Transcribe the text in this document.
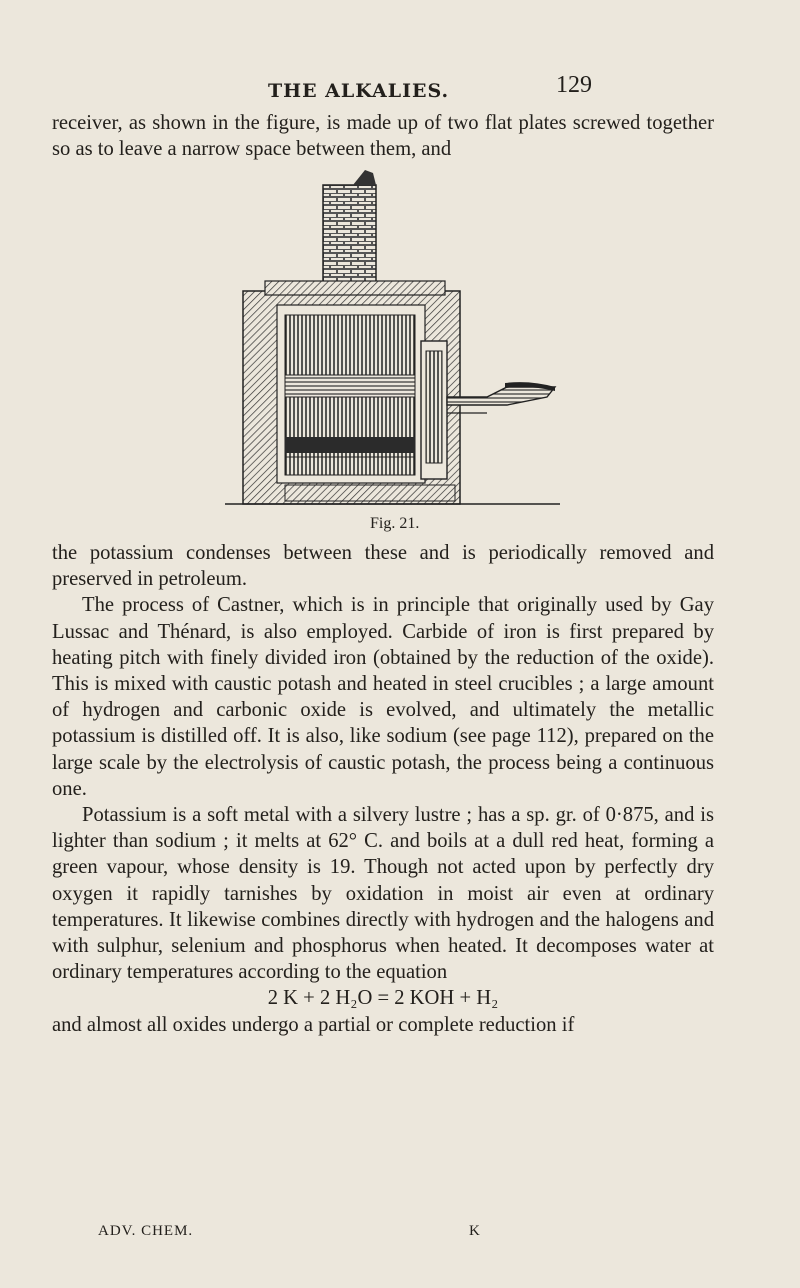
THE ALKALIES.	129

receiver, as shown in the figure, is made up of two flat plates screwed together so as to leave a narrow space between them, and

Fig. 21.

the potassium condenses between these and is periodically removed and preserved in petroleum.

The process of Castner, which is in principle that originally used by Gay Lussac and Thénard, is also employed. Carbide of iron is first prepared by heating pitch with finely divided iron (obtained by the reduction of the oxide). This is mixed with caustic potash and heated in steel crucibles ; a large amount of hydrogen and carbonic oxide is evolved, and ultimately the metallic potassium is distilled off. It is also, like sodium (see page 112), prepared on the large scale by the electrolysis of caustic potash, the process being a continuous one.

Potassium is a soft metal with a silvery lustre ; has a sp. gr. of 0·875, and is lighter than sodium ; it melts at 62° C. and boils at a dull red heat, forming a green vapour, whose density is 19. Though not acted upon by perfectly dry oxygen it rapidly tarnishes by oxidation in moist air even at ordinary temperatures. It likewise combines directly with hydrogen and the halogens and with sulphur, selenium and phosphorus when heated. It decomposes water at ordinary temperatures according to the equation

2 K + 2 H₂O = 2 KOH + H₂

and almost all oxides undergo a partial or complete reduction if

ADV. CHEM.	K
